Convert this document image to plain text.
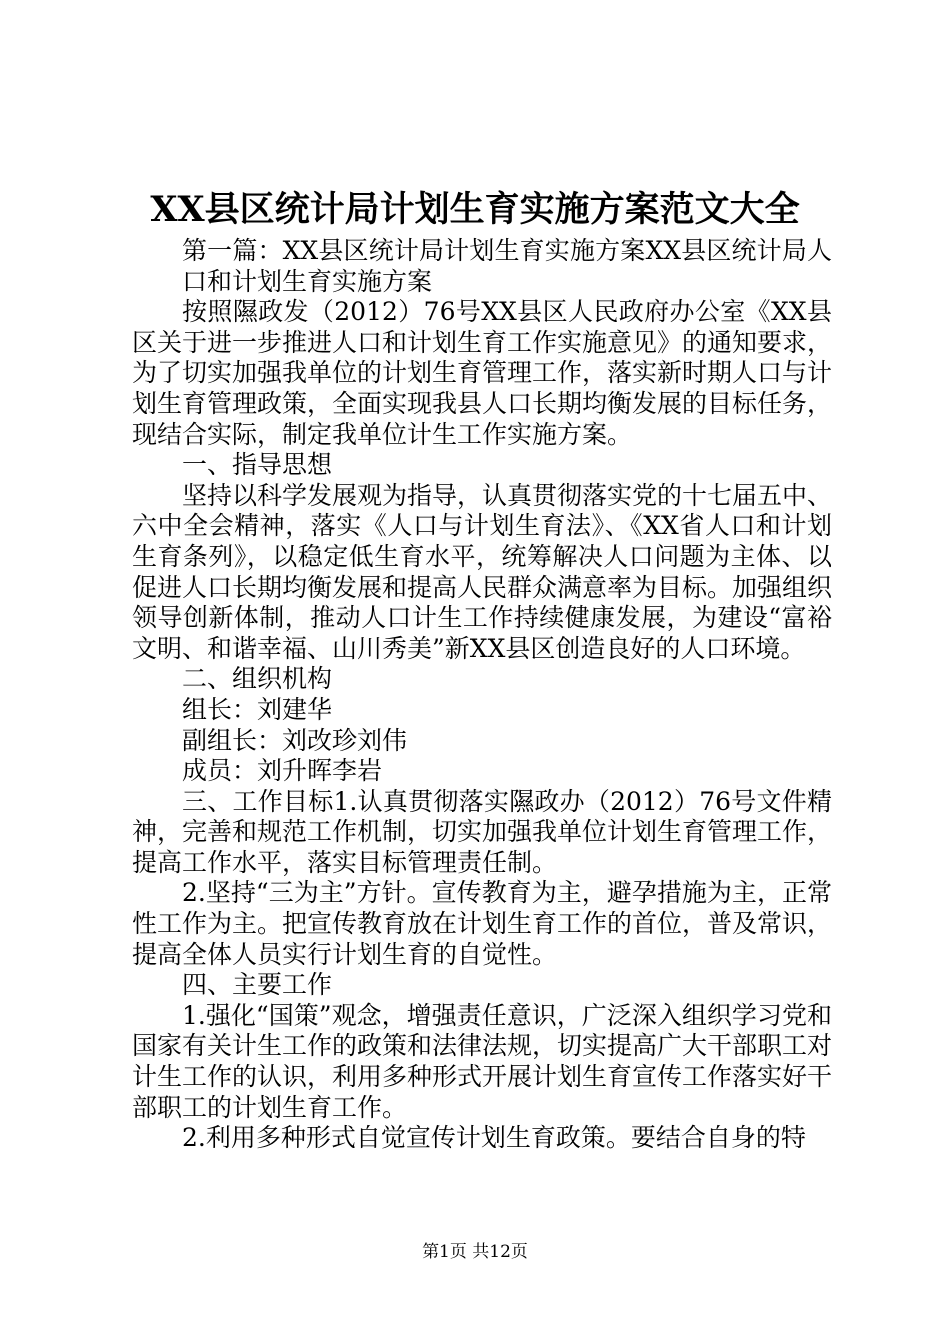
XX县区统计局计划生育实施方案范文大全

第一篇：XX县区统计局计划生育实施方案XX县区统计局人口和计划生育实施方案

按照隰政发（2012）76号XX县区人民政府办公室《XX县区关于进一步推进人口和计划生育工作实施意见》的通知要求，为了切实加强我单位的计划生育管理工作，落实新时期人口与计划生育管理政策，全面实现我县人口长期均衡发展的目标任务，现结合实际，制定我单位计生工作实施方案。

一、指导思想

坚持以科学发展观为指导，认真贯彻落实党的十七届五中、六中全会精神，落实《人口与计划生育法》、《XX省人口和计划生育条列》，以稳定低生育水平，统筹解决人口问题为主体、以促进人口长期均衡发展和提高人民群众满意率为目标。加强组织领导创新体制，推动人口计生工作持续健康发展，为建设“富裕文明、和谐幸福、山川秀美”新XX县区创造良好的人口环境。

二、组织机构

组长：刘建华

副组长：刘改珍刘伟

成员：刘升晖李岩

三、工作目标1.认真贯彻落实隰政办（2012）76号文件精神，完善和规范工作机制，切实加强我单位计划生育管理工作，提高工作水平，落实目标管理责任制。

2.坚持“三为主”方针。宣传教育为主，避孕措施为主，正常性工作为主。把宣传教育放在计划生育工作的首位，普及常识，提高全体人员实行计划生育的自觉性。

四、主要工作

1.强化“国策”观念，增强责任意识，广泛深入组织学习党和国家有关计生工作的政策和法律法规，切实提高广大干部职工对计生工作的认识，利用多种形式开展计划生育宣传工作落实好干部职工的计划生育工作。

2.利用多种形式自觉宣传计划生育政策。要结合自身的特

第1页 共12页
